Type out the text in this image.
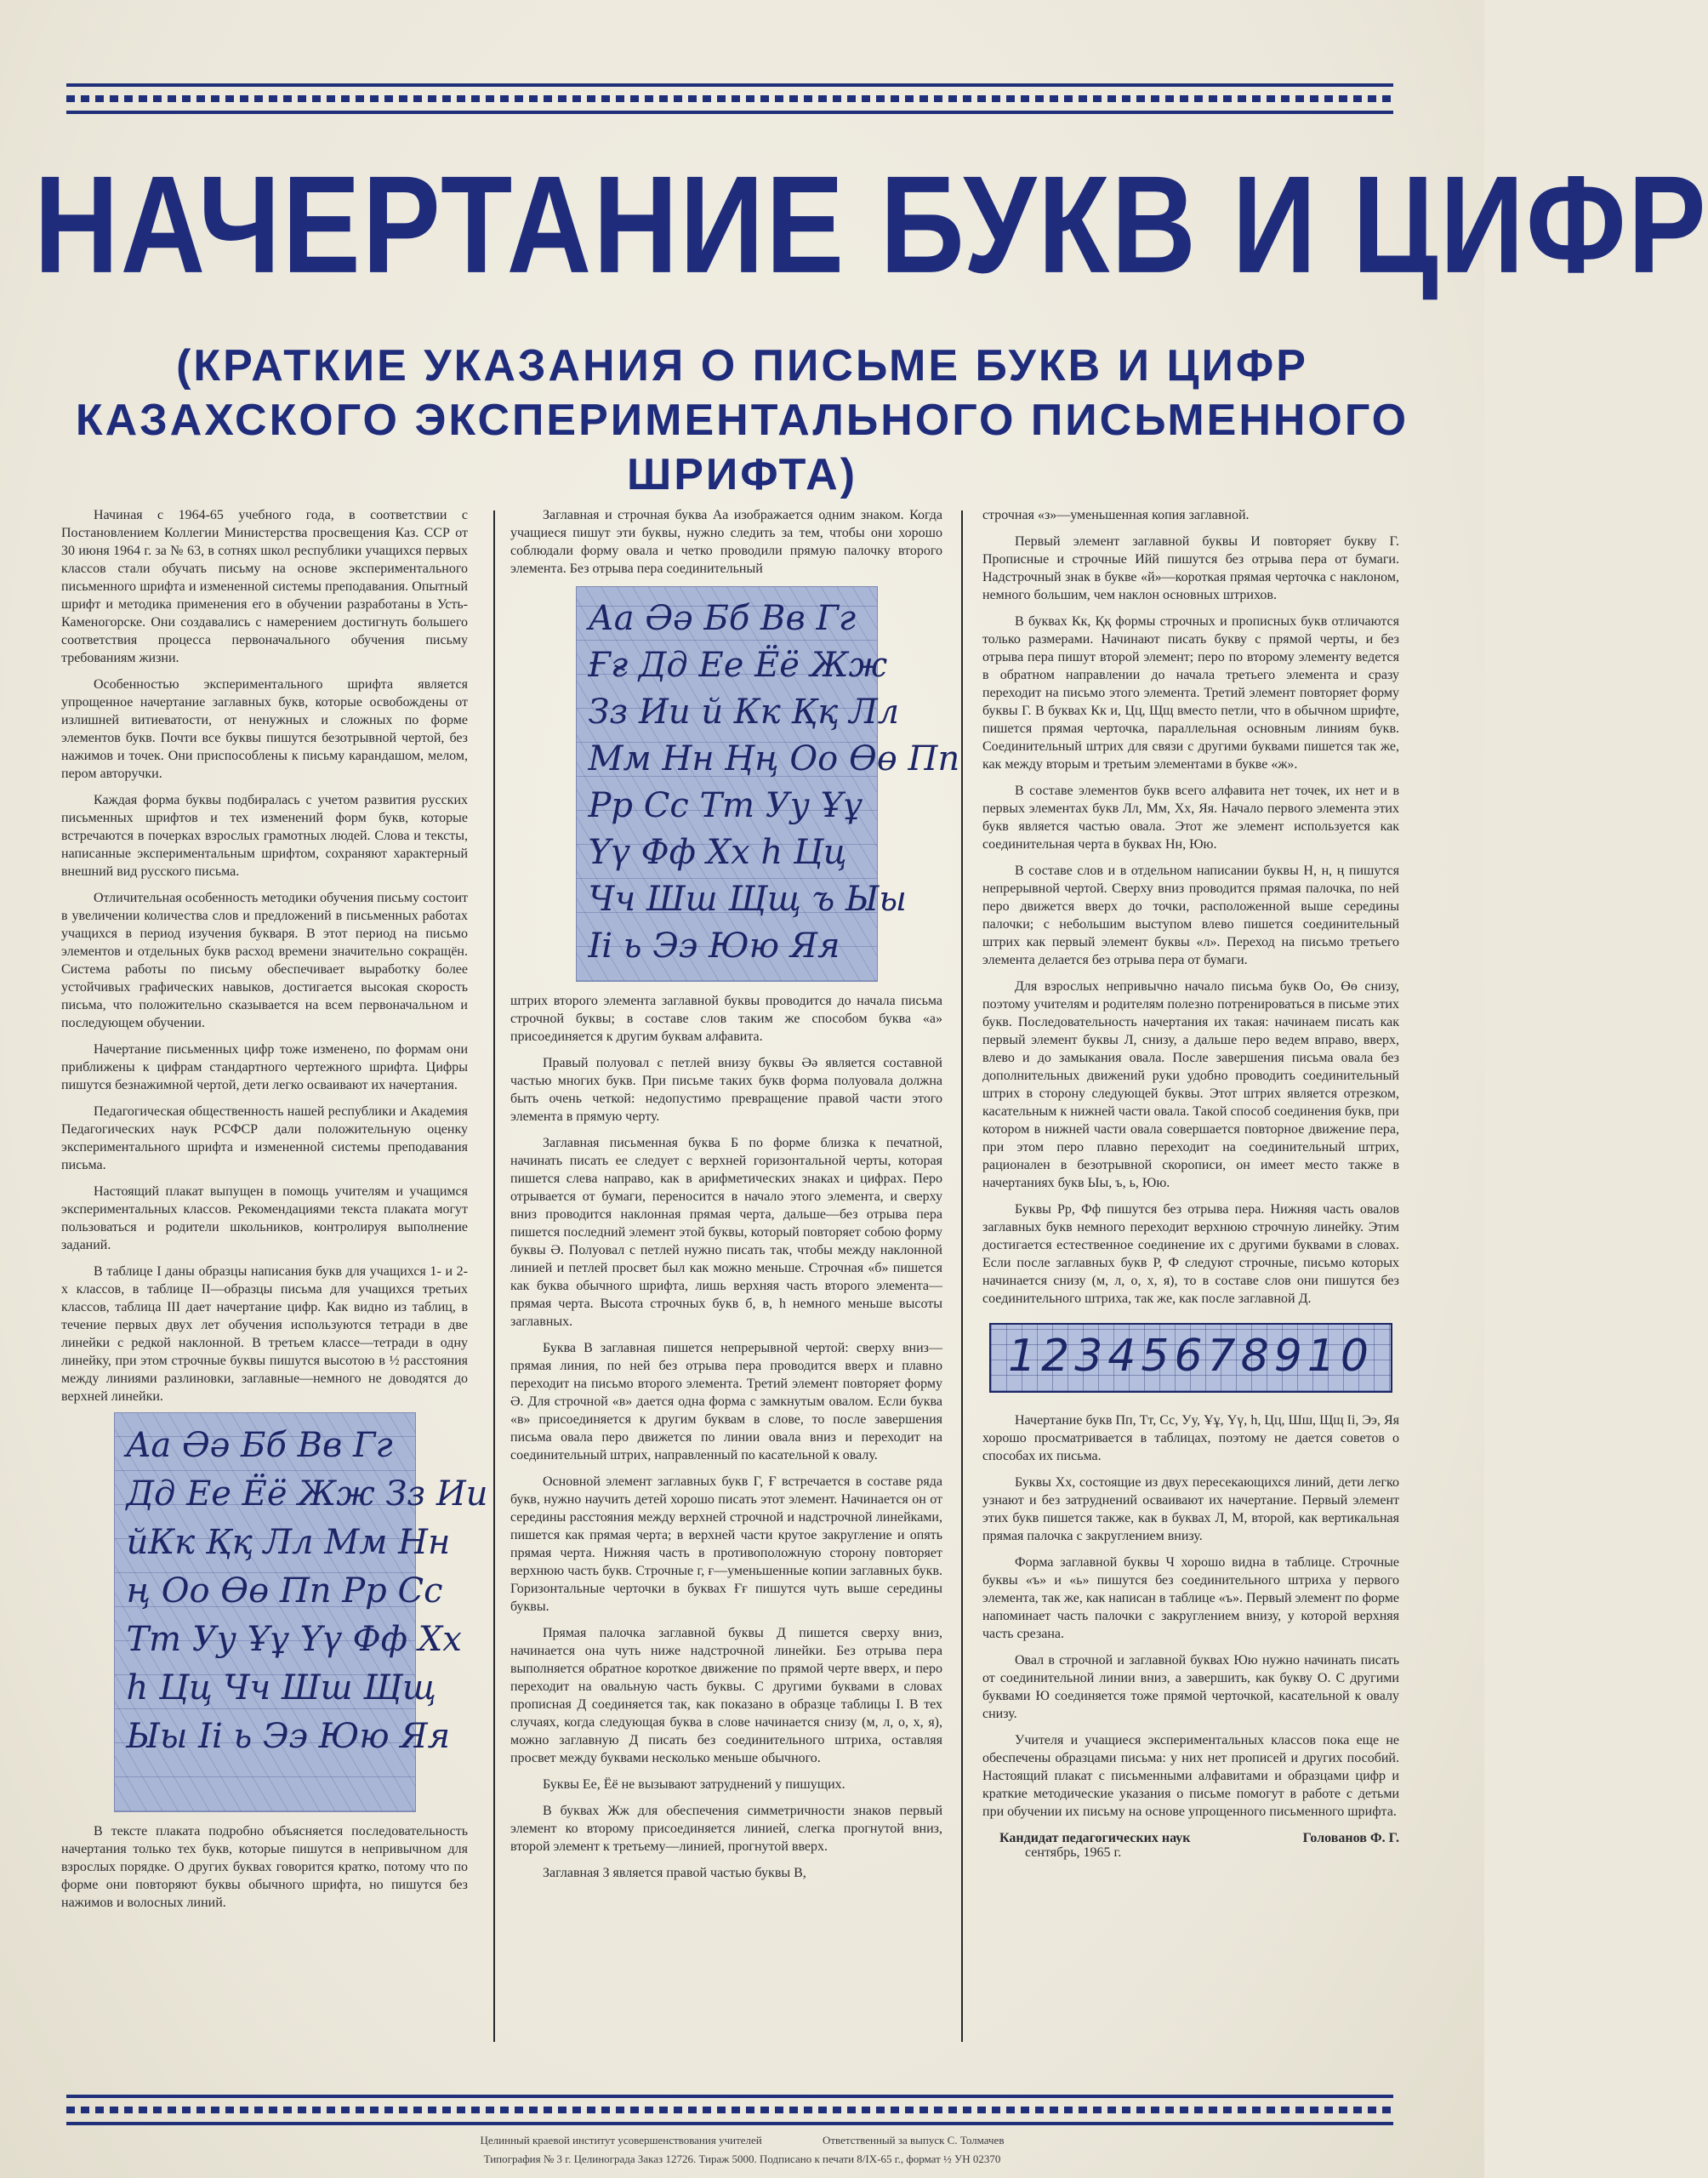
НАЧЕРТАНИЕ БУКВ И ЦИФР
(КРАТКИЕ УКАЗАНИЯ О ПИСЬМЕ БУКВ И ЦИФР
КАЗАХСКОГО ЭКСПЕРИМЕНТАЛЬНОГО ПИСЬМЕННОГО ШРИФТА)

Начиная с 1964-65 учебного года, в соответствии с Постановлением Коллегии Министерства просвещения Каз. ССР от 30 июня 1964 г. за № 63, в сотнях школ республики учащихся первых классов стали обучать письму на основе экспериментального письменного шрифта и измененной системы преподавания. Опытный шрифт и методика применения его в обучении разработаны в Усть-Каменогорске. Они создавались с намерением достигнуть большего соответствия процесса первоначального обучения письму требованиям жизни.

Особенностью экспериментального шрифта является упрощенное начертание заглавных букв, которые освобождены от излишней витиеватости, от ненужных и сложных по форме элементов букв. Почти все буквы пишутся безотрывной чертой, без нажимов и точек. Они приспособлены к письму карандашом, мелом, пером авторучки.

Каждая форма буквы подбиралась с учетом развития русских письменных шрифтов и тех изменений форм букв, которые встречаются в почерках взрослых грамотных людей. Слова и тексты, написанные экспериментальным шрифтом, сохраняют характерный внешний вид русского письма.

Отличительная особенность методики обучения письму состоит в увеличении количества слов и предложений в письменных работах учащихся в период изучения букваря. В этот период на письмо элементов и отдельных букв расход времени значительно сокращён. Система работы по письму обеспечивает выработку более устойчивых графических навыков, достигается высокая скорость письма, что положительно сказывается на всем первоначальном и последующем обучении.

Начертание письменных цифр тоже изменено, по формам они приближены к цифрам стандартного чертежного шрифта. Цифры пишутся безнажимной чертой, дети легко осваивают их начертания.

Педагогическая общественность нашей республики и Академия Педагогических наук РСФСР дали положительную оценку экспериментального шрифта и измененной системы преподавания письма.

Настоящий плакат выпущен в помощь учителям и учащимся экспериментальных классов. Рекомендациями текста плаката могут пользоваться и родители школьников, контролируя выполнение заданий.

В таблице I даны образцы написания букв для учащихся 1- и 2-х классов, в таблице II—образцы письма для учащихся третьих классов, таблица III дает начертание цифр. Как видно из таблиц, в течение первых двух лет обучения используются тетради в две линейки с редкой наклонной. В третьем классе—тетради в одну линейку, при этом строчные буквы пишутся высотою в ½ расстояния между линиями разлиновки, заглавные—немного не доводятся до верхней линейки.

Aa Әә Бб Вв Гг
Дд Ее Ёё Жж Зз Ии
йКк Ққ Лл Мм Нн
ң Оо Өө Пп Рр Сс
Тт Уу Ұұ Үү Фф Хх
һ Цц Чч Шш Щщ
Ыы Іі ь Ээ Юю Яя

В тексте плаката подробно объясняется последовательность начертания только тех букв, которые пишутся в непривычном для взрослых порядке. О других буквах говорится кратко, потому что по форме они повторяют буквы обычного шрифта, но пишутся без нажимов и волосных линий.

Заглавная и строчная буква Аа изображается одним знаком. Когда учащиеся пишут эти буквы, нужно следить за тем, чтобы они хорошо соблюдали форму овала и четко проводили прямую палочку второго элемента. Без отрыва пера соединительный

Аа Әә Бб Вв Гг
Ғғ Дд Ее Ёё Жж
Зз Ии й Кк Ққ Лл
Мм Нн Ңң Оо Өө Пп
Рр Сс Тт Уу Ұұ
Үү Фф Хх һ Цц
Чч Шш Щщ ъ Ыы
Іі ь Ээ Юю Яя

штрих второго элемента заглавной буквы проводится до начала письма строчной буквы; в составе слов таким же способом буква «а» присоединяется к другим буквам алфавита.

Правый полуовал с петлей внизу буквы Әә является составной частью многих букв. При письме таких букв форма полуовала должна быть очень четкой: недопустимо превращение правой части этого элемента в прямую черту.

Заглавная письменная буква Б по форме близка к печатной, начинать писать ее следует с верхней горизонтальной черты, которая пишется слева направо, как в арифметических знаках и цифрах. Перо отрывается от бумаги, переносится в начало этого элемента, и сверху вниз проводится наклонная прямая черта, дальше—без отрыва пера пишется последний элемент этой буквы, который повторяет собою форму буквы Ә. Полуовал с петлей нужно писать так, чтобы между наклонной линией и петлей просвет был как можно меньше. Строчная «б» пишется как буква обычного шрифта, лишь верхняя часть второго элемента—прямая черта. Высота строчных букв б, в, h немного меньше высоты заглавных.

Буква В заглавная пишется непрерывной чертой: сверху вниз—прямая линия, по ней без отрыва пера проводится вверх и плавно переходит на письмо второго элемента. Третий элемент повторяет форму Ә. Для строчной «в» дается одна форма с замкнутым овалом. Если буква «в» присоединяется к другим буквам в слове, то после завершения письма овала перо движется по линии овала вниз и переходит на соединительный штрих, направленный по касательной к овалу.

Основной элемент заглавных букв Г, Ғ встречается в составе ряда букв, нужно научить детей хорошо писать этот элемент. Начинается он от середины расстояния между верхней строчной и надстрочной линейками, пишется как прямая черта; в верхней части крутое закругление и опять прямая черта. Нижняя часть в противоположную сторону повторяет верхнюю часть букв. Строчные г, ғ—уменьшенные копии заглавных букв. Горизонтальные черточки в буквах Ғғ пишутся чуть выше середины буквы.

Прямая палочка заглавной буквы Д пишется сверху вниз, начинается она чуть ниже надстрочной линейки. Без отрыва пера выполняется обратное короткое движение по прямой черте вверх, и перо переходит на овальную часть буквы. С другими буквами в словах прописная Д соединяется так, как показано в образце таблицы I. В тех случаях, когда следующая буква в слове начинается снизу (м, л, о, х, я), можно заглавную Д писать без соединительного штриха, оставляя просвет между буквами несколько меньше обычного.

Буквы Ее, Ёё не вызывают затруднений у пишущих.

В буквах Жж для обеспечения симметричности знаков первый элемент ко второму присоединяется линией, слегка прогнутой вниз, второй элемент к третьему—линией, прогнутой вверх.

Заглавная З является правой частью буквы В,

строчная «з»—уменьшенная копия заглавной.

Первый элемент заглавной буквы И повторяет букву Г. Прописные и строчные Ийй пишутся без отрыва пера от бумаги. Надстрочный знак в букве «й»—короткая прямая черточка с наклоном, немного большим, чем наклон основных штрихов.

В буквах Кк, Ққ формы строчных и прописных букв отличаются только размерами. Начинают писать букву с прямой черты, и без отрыва пера пишут второй элемент; перо по второму элементу ведется в обратном направлении до начала третьего элемента и сразу переходит на письмо этого элемента. Третий элемент повторяет форму буквы Г. В буквах Кк и, Цц, Щщ вместо петли, что в обычном шрифте, пишется прямая черточка, параллельная основным линиям букв. Соединительный штрих для связи с другими буквами пишется так же, как между вторым и третьим элементами в букве «ж».

В составе элементов букв всего алфавита нет точек, их нет и в первых элементах букв Лл, Мм, Хх, Яя. Начало первого элемента этих букв является частью овала. Этот же элемент используется как соединительная черта в буквах Нн, Юю.

В составе слов и в отдельном написании буквы Н, н, ң пишутся непрерывной чертой. Сверху вниз проводится прямая палочка, по ней перо движется вверх до точки, расположенной выше середины палочки; с небольшим выступом влево пишется соединительный штрих как первый элемент буквы «л». Переход на письмо третьего элемента делается без отрыва пера от бумаги.

Для взрослых непривычно начало письма букв Оо, Өө снизу, поэтому учителям и родителям полезно потренироваться в письме этих букв. Последовательность начертания их такая: начинаем писать как первый элемент буквы Л, снизу, а дальше перо ведем вправо, вверх, влево и до замыкания овала. После завершения письма овала без дополнительных движений руки удобно проводить соединительный штрих в сторону следующей буквы. Этот штрих является отрезком, касательным к нижней части овала. Такой способ соединения букв, при котором в нижней части овала совершается повторное движение пера, при этом перо плавно переходит на соединительный штрих, рационален в безотрывной скорописи, он имеет место также в начертаниях букв Ыы, ъ, ь, Юю.

Буквы Рр, Фф пишутся без отрыва пера. Нижняя часть овалов заглавных букв немного переходит верхнюю строчную линейку. Этим достигается естественное соединение их с другими буквами в словах. Если после заглавных букв Р, Ф следуют строчные, письмо которых начинается снизу (м, л, о, х, я), то в составе слов они пишутся без соединительного штриха, так же, как после заглавной Д.

12345678910

Начертание букв Пп, Тт, Сс, Уу, Ұұ, Үү, һ, Цц, Шш, Щщ Іі, Ээ, Яя хорошо просматривается в таблицах, поэтому не дается советов о способах их письма.

Буквы Хх, состоящие из двух пересекающихся линий, дети легко узнают и без затруднений осваивают их начертание. Первый элемент этих букв пишется также, как в буквах Л, М, второй, как вертикальная прямая палочка с закруглением внизу.

Форма заглавной буквы Ч хорошо видна в таблице. Строчные буквы «ъ» и «ь» пишутся без соединительного штриха у первого элемента, так же, как написан в таблице «ъ». Первый элемент по форме напоминает часть палочки с закруглением внизу, у которой верхняя часть срезана.

Овал в строчной и заглавной буквах Юю нужно начинать писать от соединительной линии вниз, а завершить, как букву О. С другими буквами Ю соединяется тоже прямой черточкой, касательной к овалу снизу.

Учителя и учащиеся экспериментальных классов пока еще не обеспечены образцами письма: у них нет прописей и других пособий. Настоящий плакат с письменными алфавитами и образцами цифр и краткие методические указания о письме помогут в работе с детьми при обучении их письму на основе упрощенного письменного шрифта.

Кандидат педагогических наук	Голованов Ф. Г.
сентябрь, 1965 г.
Целинный краевой институт усовершенствования учителей	Ответственный за выпуск С. Толмачев
Типография № 3 г. Целинограда Заказ 12726. Тираж 5000. Подписано к печати 8/IX-65 г., формат ½ УН 02370
